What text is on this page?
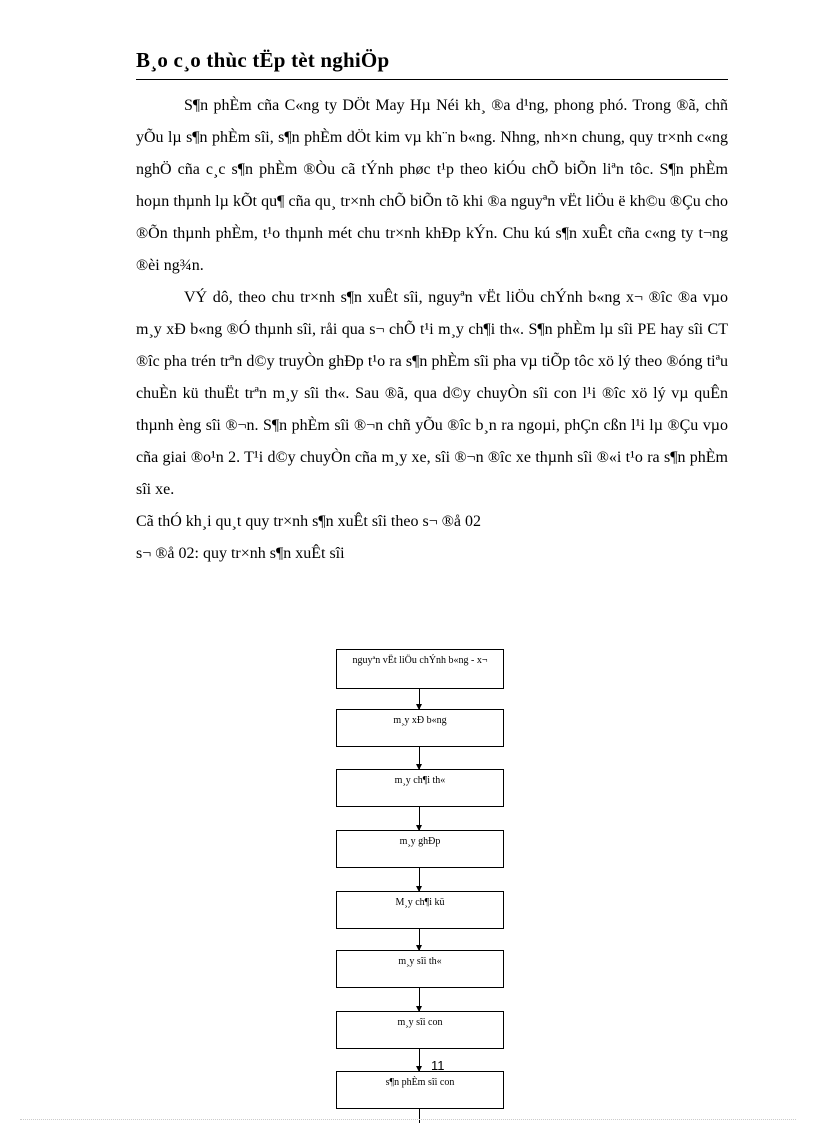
B¸o c¸o thùc tËp tèt nghiÖp

S¶n phÈm cña C«ng ty DÖt May Hµ Néi kh¸ ®a d¹ng, phong phó. Trong ®ã, chñ yÕu lµ s¶n phÈm sîi, s¶n phÈm dÖt kim vµ kh¨n b«ng. Nhng, nh×n chung, quy tr×nh c«ng nghÖ cña c¸c s¶n phÈm ®Òu cã tÝnh phøc t¹p theo kiÓu chÕ biÕn liªn tôc. S¶n phÈm hoµn thµnh lµ kÕt qu¶ cña qu¸ tr×nh chÕ biÕn tõ khi ®a nguyªn vËt liÖu ë kh©u ®Çu cho ®Õn thµnh phÈm, t¹o thµnh mét chu tr×nh khÐp kÝn. Chu kú s¶n xuÊt cña c«ng ty t¬ng ®èi ng¾n.

VÝ dô, theo chu tr×nh s¶n xuÊt sîi, nguyªn vËt liÖu chÝnh b«ng x¬ ®îc ®a vµo m¸y xÐ b«ng ®Ó thµnh sîi, råi qua s¬ chÕ t¹i m¸y ch¶i th«. S¶n phÈm lµ sîi PE hay sîi CT ®îc pha trén trªn d©y truyÒn ghÐp t¹o ra s¶n phÈm sîi pha vµ tiÕp tôc xö lý theo ®óng tiªu chuÈn kü thuËt trªn m¸y sîi th«. Sau ®ã, qua d©y chuyÒn sîi con l¹i ®îc xö lý vµ quÊn thµnh èng sîi ®¬n. S¶n phÈm sîi ®¬n chñ yÕu ®îc b¸n ra ngoµi, phÇn cßn l¹i lµ ®Çu vµo cña giai ®o¹n 2. T¹i d©y chuyÒn cña m¸y xe, sîi ®¬n ®îc xe thµnh sîi ®«i t¹o ra s¶n phÈm sîi xe.

Cã thÓ kh¸i qu¸t quy tr×nh s¶n xuÊt sîi theo s¬ ®å 02

s¬ ®å 02: quy tr×nh s¶n xuÊt sîi

nguyªn vËt liÖu chÝnh b«ng - x¬
m¸y xÐ b«ng
m¸y ch¶i th«
m¸y ghÐp
M¸y ch¶i kü
m¸y sîi th«
m¸y sîi con
s¶n phÈm sîi con
11
